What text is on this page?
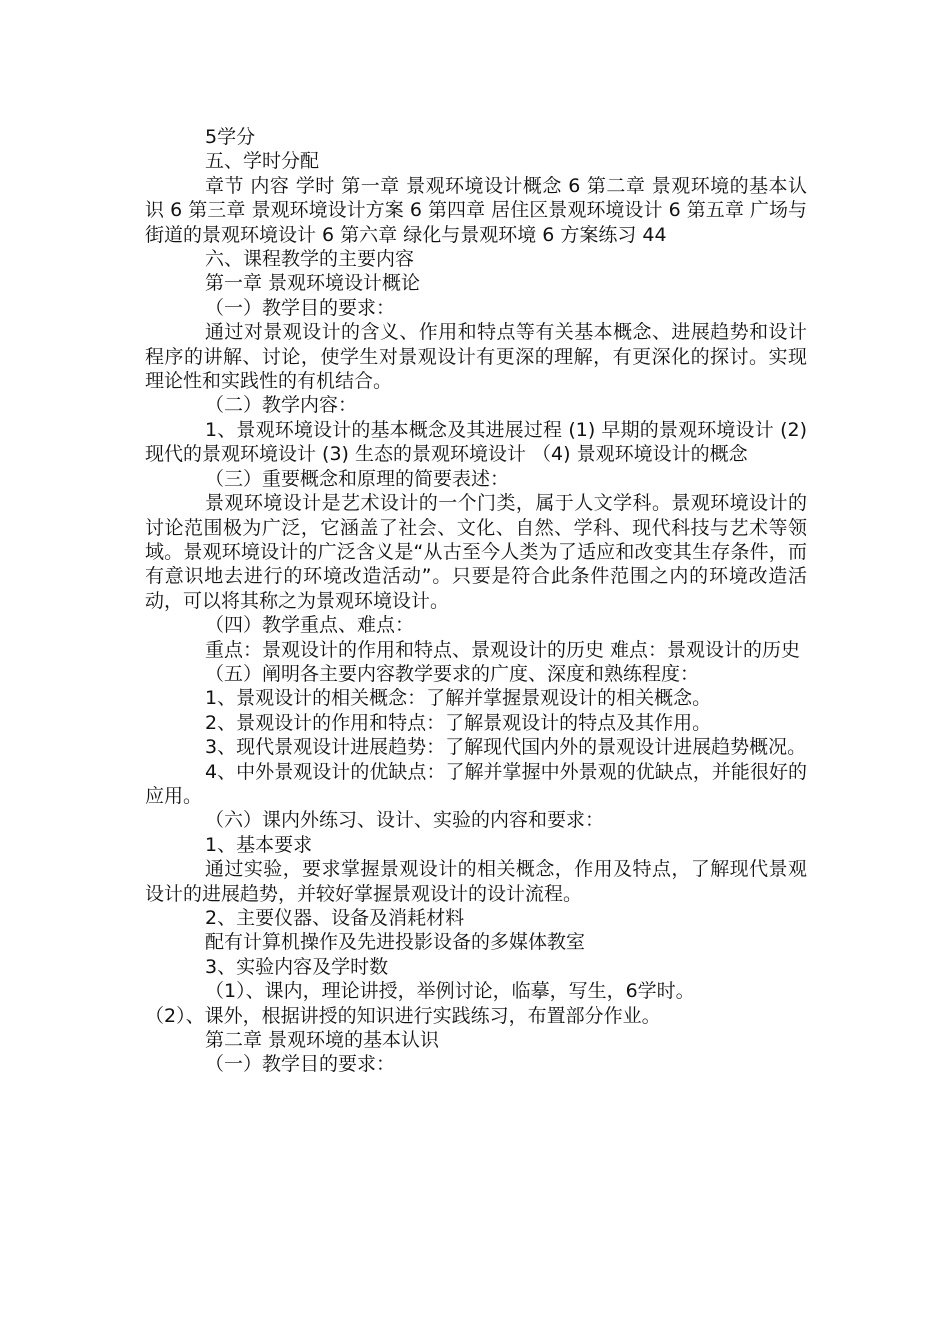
5学分

五、学时分配

章节 内容 学时 第一章 景观环境设计概念 6 第二章 景观环境的基本认识 6 第三章 景观环境设计方案 6 第四章 居住区景观环境设计 6 第五章 广场与街道的景观环境设计 6 第六章 绿化与景观环境 6 方案练习 44

六、课程教学的主要内容

第一章 景观环境设计概论

（一）教学目的要求：

通过对景观设计的含义、作用和特点等有关基本概念、进展趋势和设计程序的讲解、讨论，使学生对景观设计有更深的理解，有更深化的探讨。实现理论性和实践性的有机结合。

（二）教学内容：

1、景观环境设计的基本概念及其进展过程 (1) 早期的景观环境设计 (2) 现代的景观环境设计 (3) 生态的景观环境设计 （4) 景观环境设计的概念

（三）重要概念和原理的简要表述：

景观环境设计是艺术设计的一个门类，属于人文学科。景观环境设计的讨论范围极为广泛，它涵盖了社会、文化、自然、学科、现代科技与艺术等领域。景观环境设计的广泛含义是“从古至今人类为了适应和改变其生存条件，而有意识地去进行的环境改造活动”。只要是符合此条件范围之内的环境改造活动，可以将其称之为景观环境设计。

（四）教学重点、难点：

重点：景观设计的作用和特点、景观设计的历史 难点：景观设计的历史

（五）阐明各主要内容教学要求的广度、深度和熟练程度：

1、景观设计的相关概念：了解并掌握景观设计的相关概念。

2、景观设计的作用和特点：了解景观设计的特点及其作用。

3、现代景观设计进展趋势：了解现代国内外的景观设计进展趋势概况。

4、中外景观设计的优缺点：了解并掌握中外景观的优缺点，并能很好的应用。

（六）课内外练习、设计、实验的内容和要求：

1、基本要求

通过实验，要求掌握景观设计的相关概念，作用及特点，了解现代景观设计的进展趋势，并较好掌握景观设计的设计流程。

2、主要仪器、设备及消耗材料

配有计算机操作及先进投影设备的多媒体教室

3、实验内容及学时数

（1）、课内，理论讲授，举例讨论，临摹，写生，6学时。

（2）、课外，根据讲授的知识进行实践练习，布置部分作业。

第二章 景观环境的基本认识

（一）教学目的要求：
